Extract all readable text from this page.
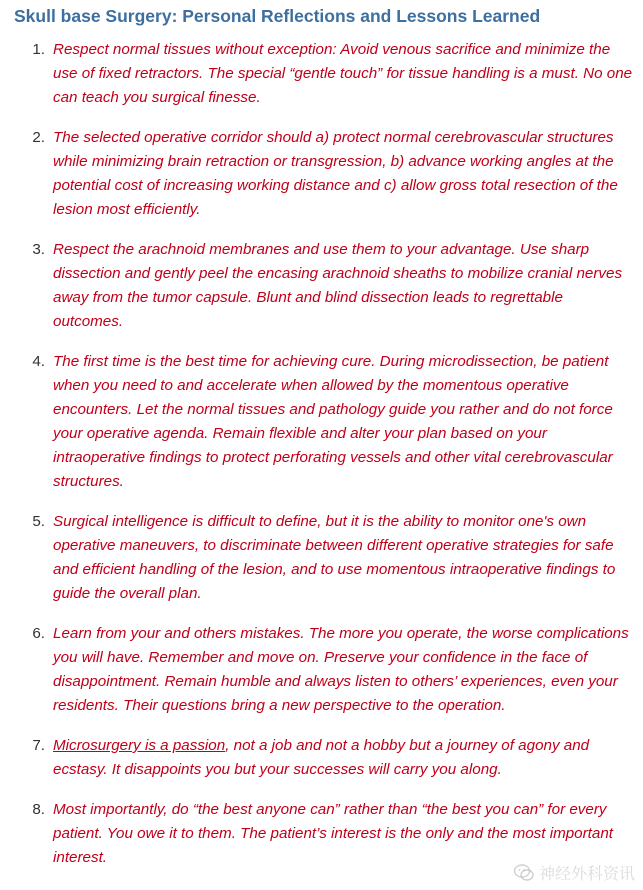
Skull base Surgery: Personal Reflections and Lessons Learned
1. Respect normal tissues without exception: Avoid venous sacrifice and minimize the use of fixed retractors. The special “gentle touch” for tissue handling is a must. No one can teach you surgical finesse.
2. The selected operative corridor should a) protect normal cerebrovascular structures while minimizing brain retraction or transgression, b) advance working angles at the potential cost of increasing working distance and c) allow gross total resection of the lesion most efficiently.
3. Respect the arachnoid membranes and use them to your advantage. Use sharp dissection and gently peel the encasing arachnoid sheaths to mobilize cranial nerves away from the tumor capsule. Blunt and blind dissection leads to regrettable outcomes.
4. The first time is the best time for achieving cure. During microdissection, be patient when you need to and accelerate when allowed by the momentous operative encounters. Let the normal tissues and pathology guide you rather and do not force your operative agenda. Remain flexible and alter your plan based on your intraoperative findings to protect perforating vessels and other vital cerebrovascular structures.
5. Surgical intelligence is difficult to define, but it is the ability to monitor one's own operative maneuvers, to discriminate between different operative strategies for safe and efficient handling of the lesion, and to use momentous intraoperative findings to guide the overall plan.
6. Learn from your and others mistakes. The more you operate, the worse complications you will have. Remember and move on. Preserve your confidence in the face of disappointment. Remain humble and always listen to others’ experiences, even your residents. Their questions bring a new perspective to the operation.
7. Microsurgery is a passion, not a job and not a hobby but a journey of agony and ecstasy. It disappoints you but your successes will carry you along.
8. Most importantly, do “the best anyone can” rather than “the best you can” for every patient. You owe it to them. The patient’s interest is the only and the most important interest.
神经外科资讯
